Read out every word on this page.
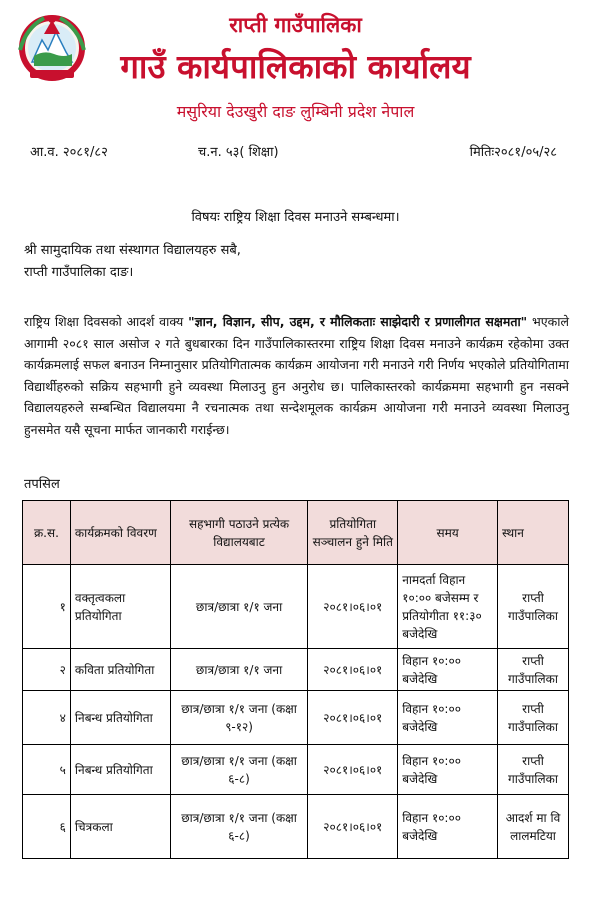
राप्ती गाउँपालिका
गाउँ कार्यपालिकाको कार्यालय
मसुरिया देउखुरी दाङ लुम्बिनी प्रदेश नेपाल
आ.व. २०८१/८२	च.न. ५३( शिक्षा)	मितिः२०८१/०५/२८
विषयः राष्ट्रिय शिक्षा दिवस मनाउने सम्बन्धमा।
श्री सामुदायिक तथा संस्थागत विद्यालयहरु सबै,
राप्ती गाउँपालिका दाङ।
राष्ट्रिय शिक्षा दिवसको आदर्श वाक्य "ज्ञान, विज्ञान, सीप, उद्दम, र मौलिकताः साझेदारी र प्रणालीगत सक्षमता" भएकाले आगामी २०८१ साल असोज २ गते बुधबारका दिन गाउँपालिकास्तरमा राष्ट्रिय शिक्षा दिवस मनाउने कार्यक्रम रहेकोमा उक्त कार्यक्रमलाई सफल बनाउन निम्नानुसार प्रतियोगितात्मक कार्यक्रम आयोजना गरी मनाउने गरी निर्णय भएकोले प्रतियोगितामा विद्यार्थीहरुको सक्रिय सहभागी हुने व्यवस्था मिलाउनु हुन अनुरोध छ। पालिकास्तरको कार्यक्रममा सहभागी हुन नसक्ने विद्यालयहरुले सम्बन्धित विद्यालयमा नै रचनात्मक तथा सन्देशमूलक कार्यक्रम आयोजना गरी मनाउने व्यवस्था मिलाउनु हुनसमेत यसै सूचना मार्फत जानकारी गराईन्छ।
तपसिल
क्र.स.	कार्यक्रमको विवरण	सहभागी पठाउने प्रत्येक विद्यालयबाट	प्रतियोगिता सञ्चालन हुने मिति	समय	स्थान
१	वक्तृत्वकला प्रतियोगिता	छात्र/छात्रा १/१ जना	२०८१।०६।०१	नामदर्ता विहान १०:०० बजेसम्म र प्रतियोगीता ११:३० बजेदेखि	राप्ती गाउँपालिका
२	कविता प्रतियोगिता	छात्र/छात्रा १/१ जना	२०८१।०६।०१	विहान १०:०० बजेदेखि	राप्ती गाउँपालिका
४	निबन्ध प्रतियोगिता	छात्र/छात्रा १/१ जना (कक्षा ९-१२)	२०८१।०६।०१	विहान १०:०० बजेदेखि	राप्ती गाउँपालिका
५	निबन्ध प्रतियोगिता	छात्र/छात्रा १/१ जना (कक्षा ६-८)	२०८१।०६।०१	विहान १०:०० बजेदेखि	राप्ती गाउँपालिका
६	चित्रकला	छात्र/छात्रा १/१ जना (कक्षा ६-८)	२०८१।०६।०१	विहान १०:०० बजेदेखि	आदर्श मा वि लालमटिया
